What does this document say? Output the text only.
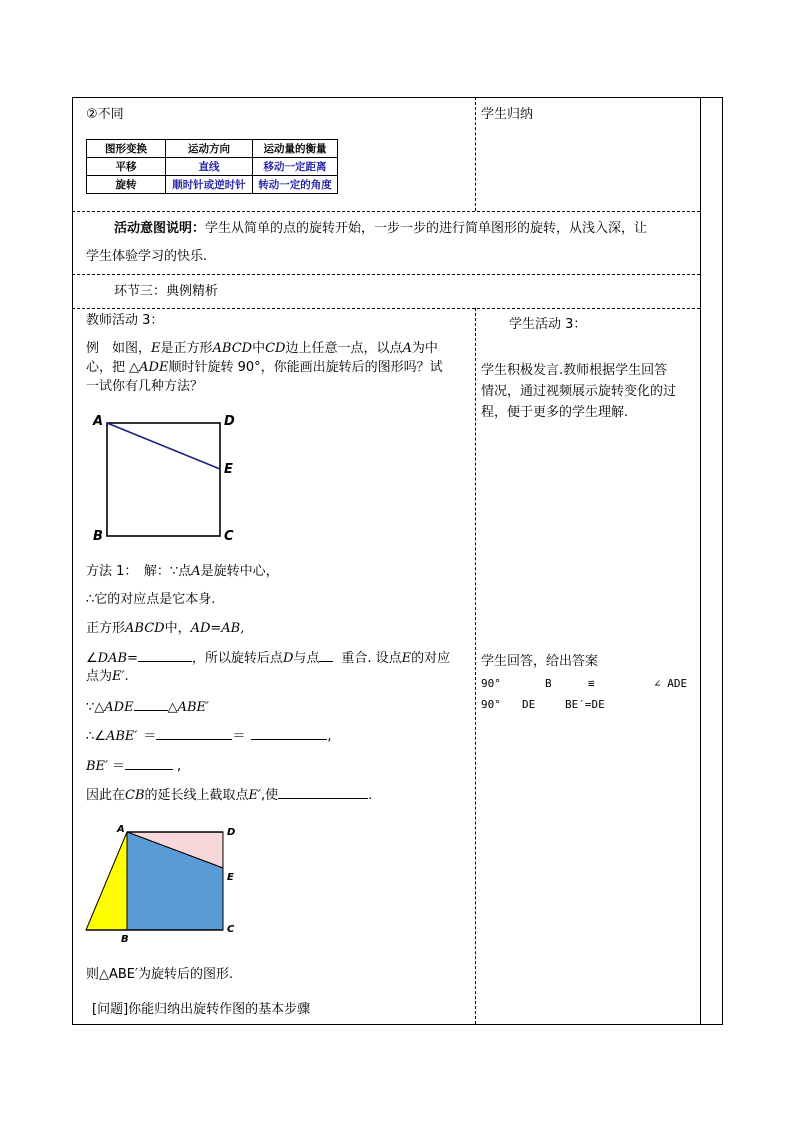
②不同	学生归纳
图形变换	运动方向	运动量的衡量
平移	直线	移动一定距离
旋转	顺时针或逆时针	转动一定的角度
活动意图说明：学生从简单的点的旋转开始，一步一步的进行简单图形的旋转，从浅入深，让
学生体验学习的快乐.
环节三：典例精析
教师活动 3：
例　如图，E是正方形ABCD中CD边上任意一点，以点A为中
心，把 △ADE顺时针旋转 90°，你能画出旋转后的图形吗？试
一试你有几种方法？
A	D
E
B	C
方法 1：　解：∵点A是旋转中心，
∴它的对应点是它本身.
正方形ABCD中，AD=AB,
∠DAB=	，所以旋转后点D与点 重合. 设点E的对应
点为E′.
∵△ADE	△ABE′
∴∠ABE′ ＝	＝	,
BE′ ＝	,
因此在CB的延长线上截取点E′,使	.
A	D
E
B
C
则△ABE′为旋转后的图形.
[问题]你能归纳出旋转作图的基本步骤
学生活动 3：
学生积极发言.教师根据学生回答
情况，通过视频展示旋转变化的过
程，便于更多的学生理解.
学生回答，给出答案
90°	B	≌	∠ ADE
90° DE	BE′=DE
